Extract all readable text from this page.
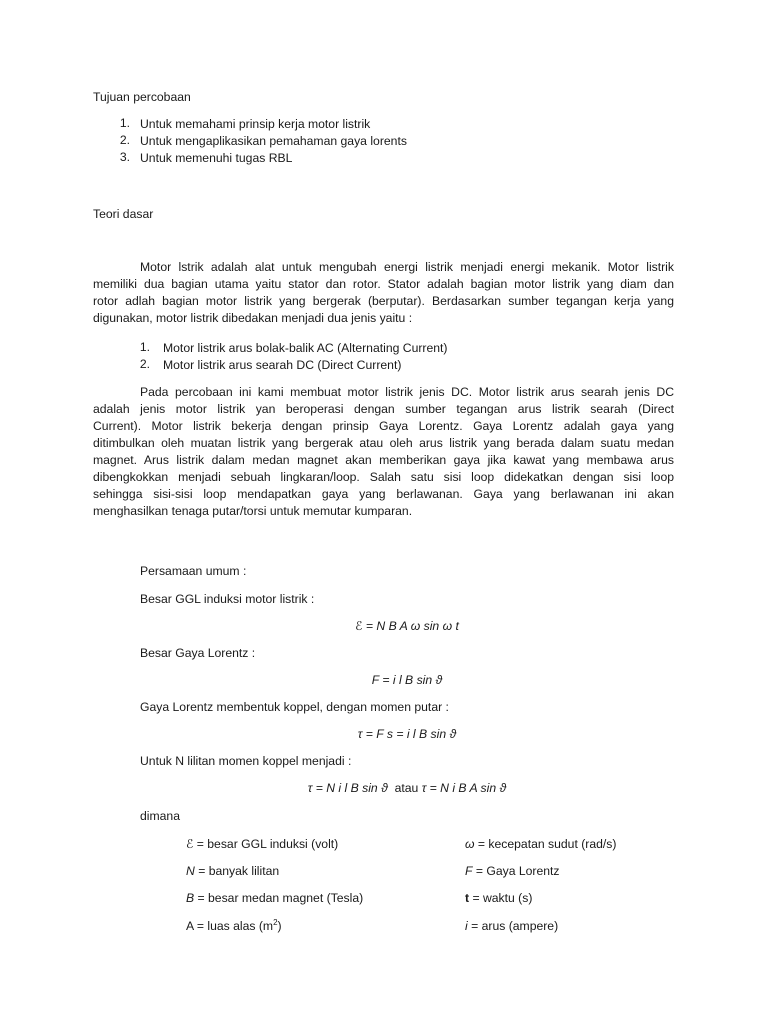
Tujuan percobaan
1. Untuk memahami prinsip kerja motor listrik
2. Untuk mengaplikasikan pemahaman gaya lorents
3. Untuk memenuhi tugas RBL
Teori dasar
Motor lstrik adalah alat untuk mengubah energi listrik menjadi energi mekanik. Motor listrik
memiliki dua bagian utama yaitu stator dan rotor. Stator adalah bagian motor listrik yang diam dan
rotor adlah bagian motor listrik yang bergerak (berputar). Berdasarkan sumber tegangan kerja yang
digunakan, motor listrik dibedakan menjadi dua jenis yaitu :
1. Motor listrik arus bolak-balik AC (Alternating Current)
2. Motor listrik arus searah DC (Direct Current)
Pada percobaan ini kami membuat motor listrik jenis DC. Motor listrik arus searah jenis DC
adalah jenis motor listrik yan beroperasi dengan sumber tegangan arus listrik searah (Direct
Current). Motor listrik bekerja dengan prinsip Gaya Lorentz. Gaya Lorentz adalah gaya yang
ditimbulkan oleh muatan listrik yang bergerak atau oleh arus listrik yang berada dalam suatu medan
magnet. Arus listrik dalam medan magnet akan memberikan gaya jika kawat yang membawa arus
dibengkokkan menjadi sebuah lingkaran/loop. Salah satu sisi loop didekatkan dengan sisi loop
sehingga sisi-sisi loop mendapatkan gaya yang berlawanan. Gaya yang berlawanan ini akan
menghasilkan tenaga putar/torsi untuk memutar kumparan.
Persamaan umum :
Besar GGL induksi motor listrik :
ℰ = N B A ω sin ω t
Besar Gaya Lorentz :
F = i l B sin ϑ
Gaya Lorentz membentuk koppel, dengan momen putar :
τ = F s = i l B sin ϑ
Untuk N lilitan momen koppel menjadi :
τ = N i l B sin ϑ atau τ = N i B A sin ϑ
dimana
ℰ = besar GGL induksi (volt)
N = banyak lilitan
B = besar medan magnet (Tesla)
A = luas alas $(m^2)$
ω = kecepatan sudut (rad/s)
F = Gaya Lorentz
t = waktu (s)
i = arus (ampere)
